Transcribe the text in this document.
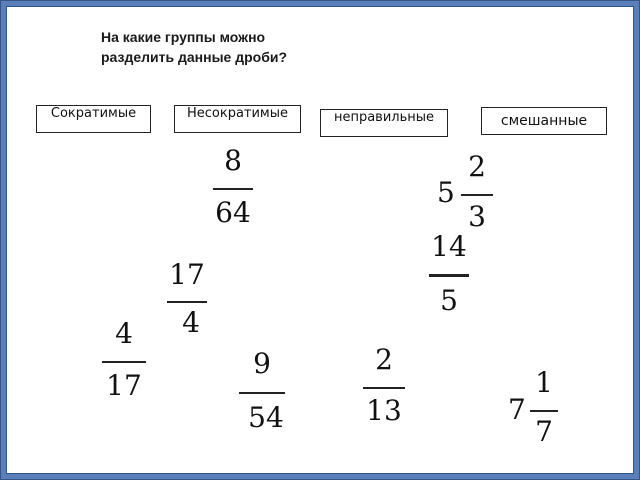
На какие группы можно
разделить данные дроби?
Сократимые	Несократимые	неправильные	смешанные
8
64
5
2
3
14
5
17
4
4
17
9
54
2
13	7
1
7
